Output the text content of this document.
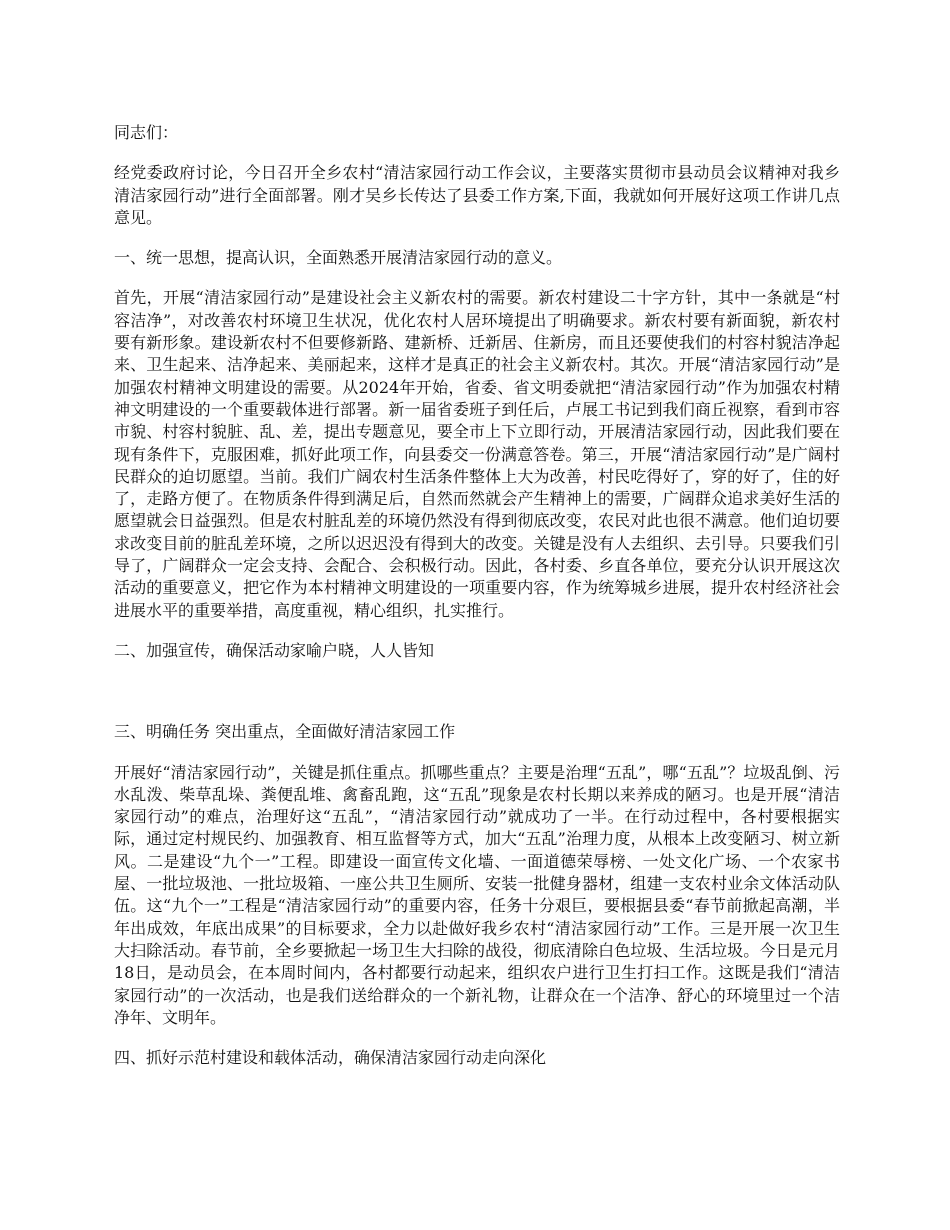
同志们：

经党委政府讨论，今日召开全乡农村“清洁家园行动工作会议，主要落实贯彻市县动员会议精神对我乡清洁家园行动”进行全面部署。刚才吴乡长传达了县委工作方案,下面，我就如何开展好这项工作讲几点意见。

一、统一思想，提高认识，全面熟悉开展清洁家园行动的意义。

首先，开展“清洁家园行动”是建设社会主义新农村的需要。新农村建设二十字方针，其中一条就是“村容洁净”，对改善农村环境卫生状况，优化农村人居环境提出了明确要求。新农村要有新面貌，新农村要有新形象。建设新农村不但要修新路、建新桥、迁新居、住新房，而且还要使我们的村容村貌洁净起来、卫生起来、洁净起来、美丽起来，这样才是真正的社会主义新农村。其次。开展“清洁家园行动”是加强农村精神文明建设的需要。从2024年开始，省委、省文明委就把“清洁家园行动”作为加强农村精神文明建设的一个重要载体进行部署。新一届省委班子到任后，卢展工书记到我们商丘视察，看到市容市貌、村容村貌脏、乱、差，提出专题意见，要全市上下立即行动，开展清洁家园行动，因此我们要在现有条件下，克服困难，抓好此项工作，向县委交一份满意答卷。第三，开展“清洁家园行动”是广阔村民群众的迫切愿望。当前。我们广阔农村生活条件整体上大为改善，村民吃得好了，穿的好了，住的好了，走路方便了。在物质条件得到满足后，自然而然就会产生精神上的需要，广阔群众追求美好生活的愿望就会日益强烈。但是农村脏乱差的环境仍然没有得到彻底改变，农民对此也很不满意。他们迫切要求改变目前的脏乱差环境，之所以迟迟没有得到大的改变。关键是没有人去组织、去引导。只要我们引导了，广阔群众一定会支持、会配合、会积极行动。因此，各村委、乡直各单位，要充分认识开展这次活动的重要意义，把它作为本村精神文明建设的一项重要内容，作为统筹城乡进展，提升农村经济社会进展水平的重要举措，高度重视，精心组织，扎实推行。

二、加强宣传，确保活动家喻户晓，人人皆知

三、明确任务 突出重点，全面做好清洁家园工作

开展好“清洁家园行动”，关键是抓住重点。抓哪些重点？主要是治理“五乱”，哪“五乱”？垃圾乱倒、污水乱泼、柴草乱垛、粪便乱堆、禽畜乱跑，这“五乱”现象是农村长期以来养成的陋习。也是开展“清洁家园行动”的难点，治理好这“五乱”，“清洁家园行动”就成功了一半。在行动过程中，各村要根据实际，通过定村规民约、加强教育、相互监督等方式，加大“五乱”治理力度，从根本上改变陋习、树立新风。二是建设“九个一”工程。即建设一面宣传文化墙、一面道德荣辱榜、一处文化广场、一个农家书屋、一批垃圾池、一批垃圾箱、一座公共卫生厕所、安装一批健身器材，组建一支农村业余文体活动队伍。这“九个一”工程是“清洁家园行动”的重要内容，任务十分艰巨，要根据县委“春节前掀起高潮，半年出成效，年底出成果”的目标要求，全力以赴做好我乡农村“清洁家园行动”工作。三是开展一次卫生大扫除活动。春节前，全乡要掀起一场卫生大扫除的战役，彻底清除白色垃圾、生活垃圾。今日是元月18日，是动员会，在本周时间内，各村都要行动起来，组织农户进行卫生打扫工作。这既是我们“清洁家园行动”的一次活动，也是我们送给群众的一个新礼物，让群众在一个洁净、舒心的环境里过一个洁净年、文明年。

四、抓好示范村建设和载体活动，确保清洁家园行动走向深化
